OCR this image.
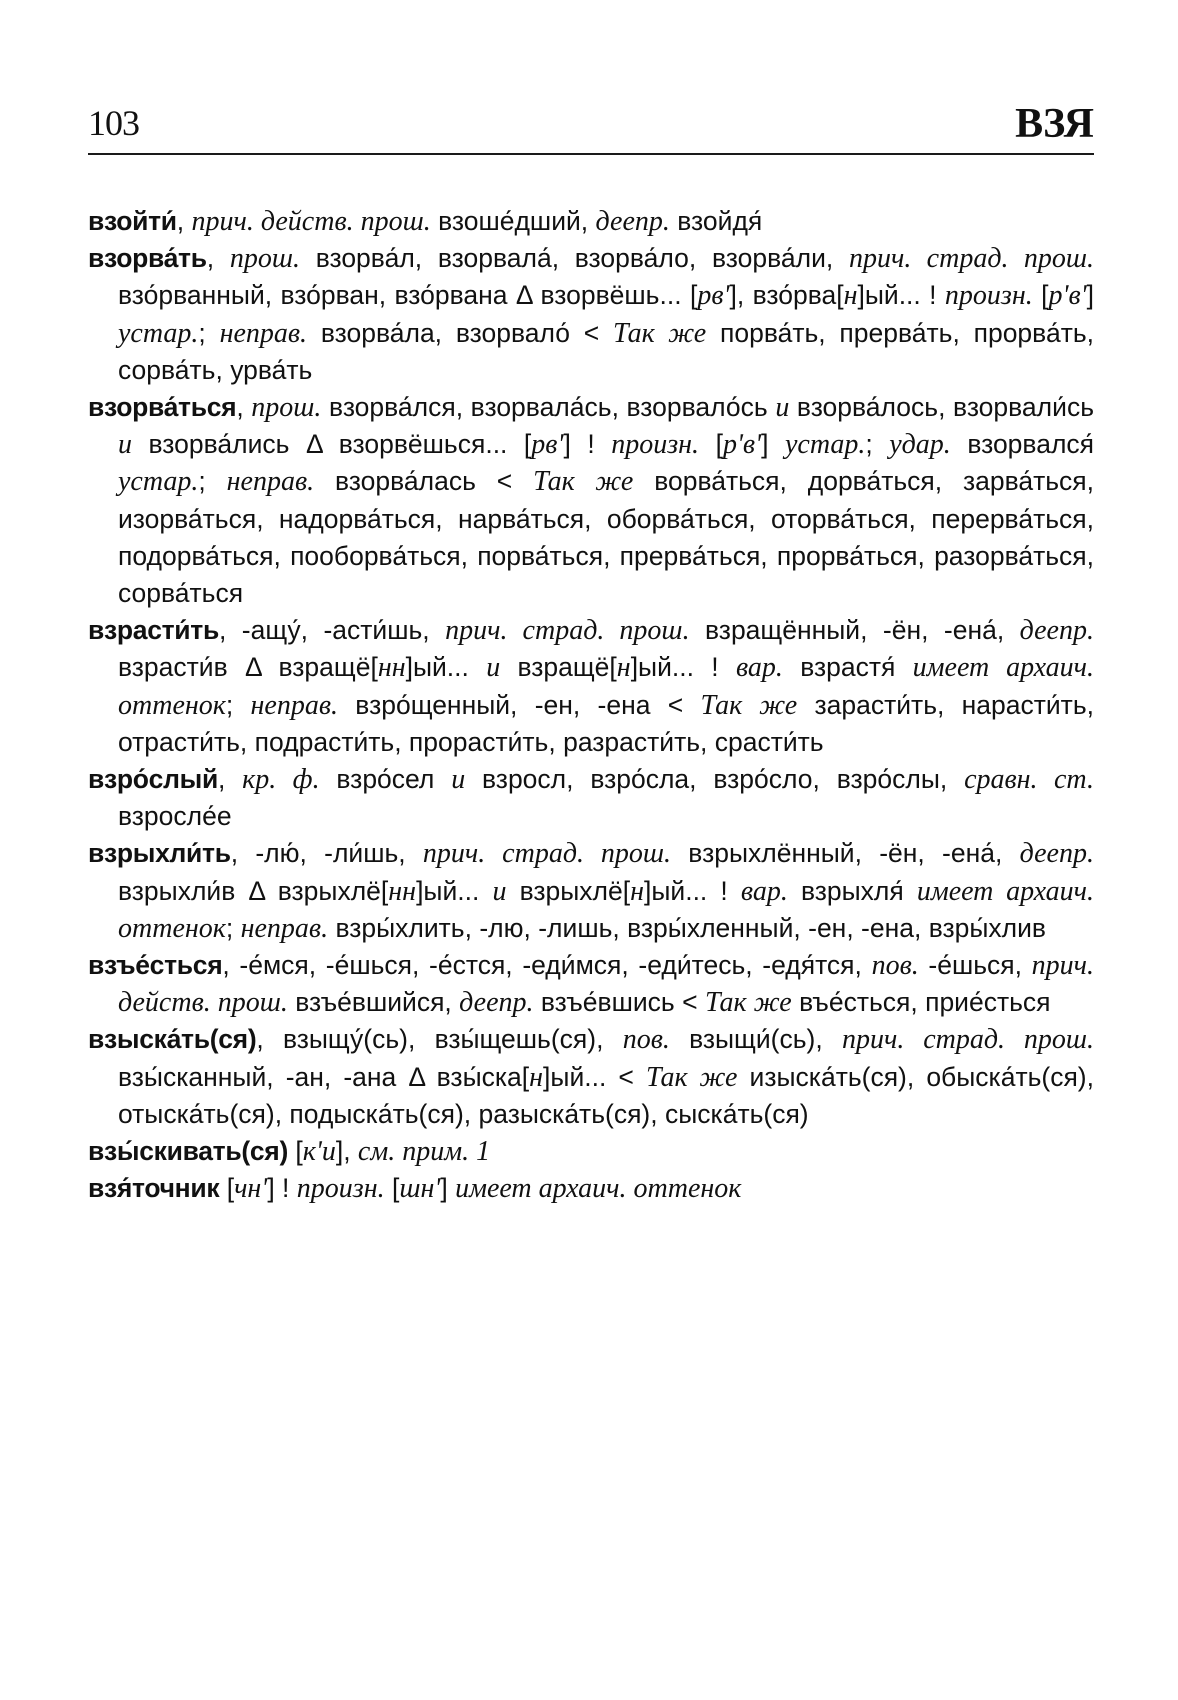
103	ВЗЯ

взойти́, прич. действ. прош. взоше́дший, деепр. взойдя́

взорва́ть, прош. взорва́л, взорвала́, взорва́ло, взорва́ли, прич. страд. прош. взо́рванный, взо́рван, взо́рвана Δ взорвёшь... [рвʹ], взо́рва[н]ый... ! произн. [рʹвʹ] устар.; неправ. взорва́ла, взорвало́ < Так же порва́ть, прерва́ть, прорва́ть, сорва́ть, урва́ть

взорва́ться, прош. взорва́лся, взорвала́сь, взорвало́сь и взорва́лось, взорвали́сь и взорва́лись Δ взорвёшься... [рвʹ] ! произн. [рʹвʹ] устар.; удар. взорвался́ устар.; неправ. взорва́лась < Так же ворва́ться, дорва́ться, зарва́ться, изорва́ться, надорва́ться, нарва́ться, оборва́ться, оторва́ться, перерва́ться, подорва́ться, пооборва́ться, порва́ться, прерва́ться, прорва́ться, разорва́ться, сорва́ться

взрасти́ть, -ащу́, -асти́шь, прич. страд. прош. взращённый, -ён, -ена́, деепр. взрасти́в Δ взращё[нн]ый... и взращё[н]ый... ! вар. взрастя́ имеет архаич. оттенок; неправ. взро́щенный, -ен, -ена < Так же зарасти́ть, нарасти́ть, отрасти́ть, подрасти́ть, прорасти́ть, разрасти́ть, срасти́ть

взро́слый, кр. ф. взро́сел и взросл, взро́сла, взро́сло, взро́слы, сравн. ст. взросле́е

взрыхли́ть, -лю́, -ли́шь, прич. страд. прош. взрыхлённый, -ён, -ена́, деепр. взрыхли́в Δ взрыхлё[нн]ый... и взрыхлё[н]ый... ! вар. взрыхля́ имеет архаич. оттенок; неправ. взры́хлить, -лю, -лишь, взры́хленный, -ен, -ена, взры́хлив

взъе́сться, -е́мся, -е́шься, -е́стся, -еди́мся, -еди́тесь, -едя́тся, пов. -е́шься, прич. действ. прош. взъе́вшийся, деепр. взъе́вшись < Так же въе́сться, прие́сться

взыска́ть(ся), взыщу́(сь), взы́щешь(ся), пов. взыщи́(сь), прич. страд. прош. взы́сканный, -ан, -ана Δ взы́ска[н]ый... < Так же изыска́ть(ся), обыска́ть(ся), отыска́ть(ся), подыска́ть(ся), разыска́ть(ся), сыска́ть(ся)

взы́скивать(ся) [кʹи], см. прим. 1

взя́точник [чнʹ] ! произн. [шнʹ] имеет архаич. оттенок
